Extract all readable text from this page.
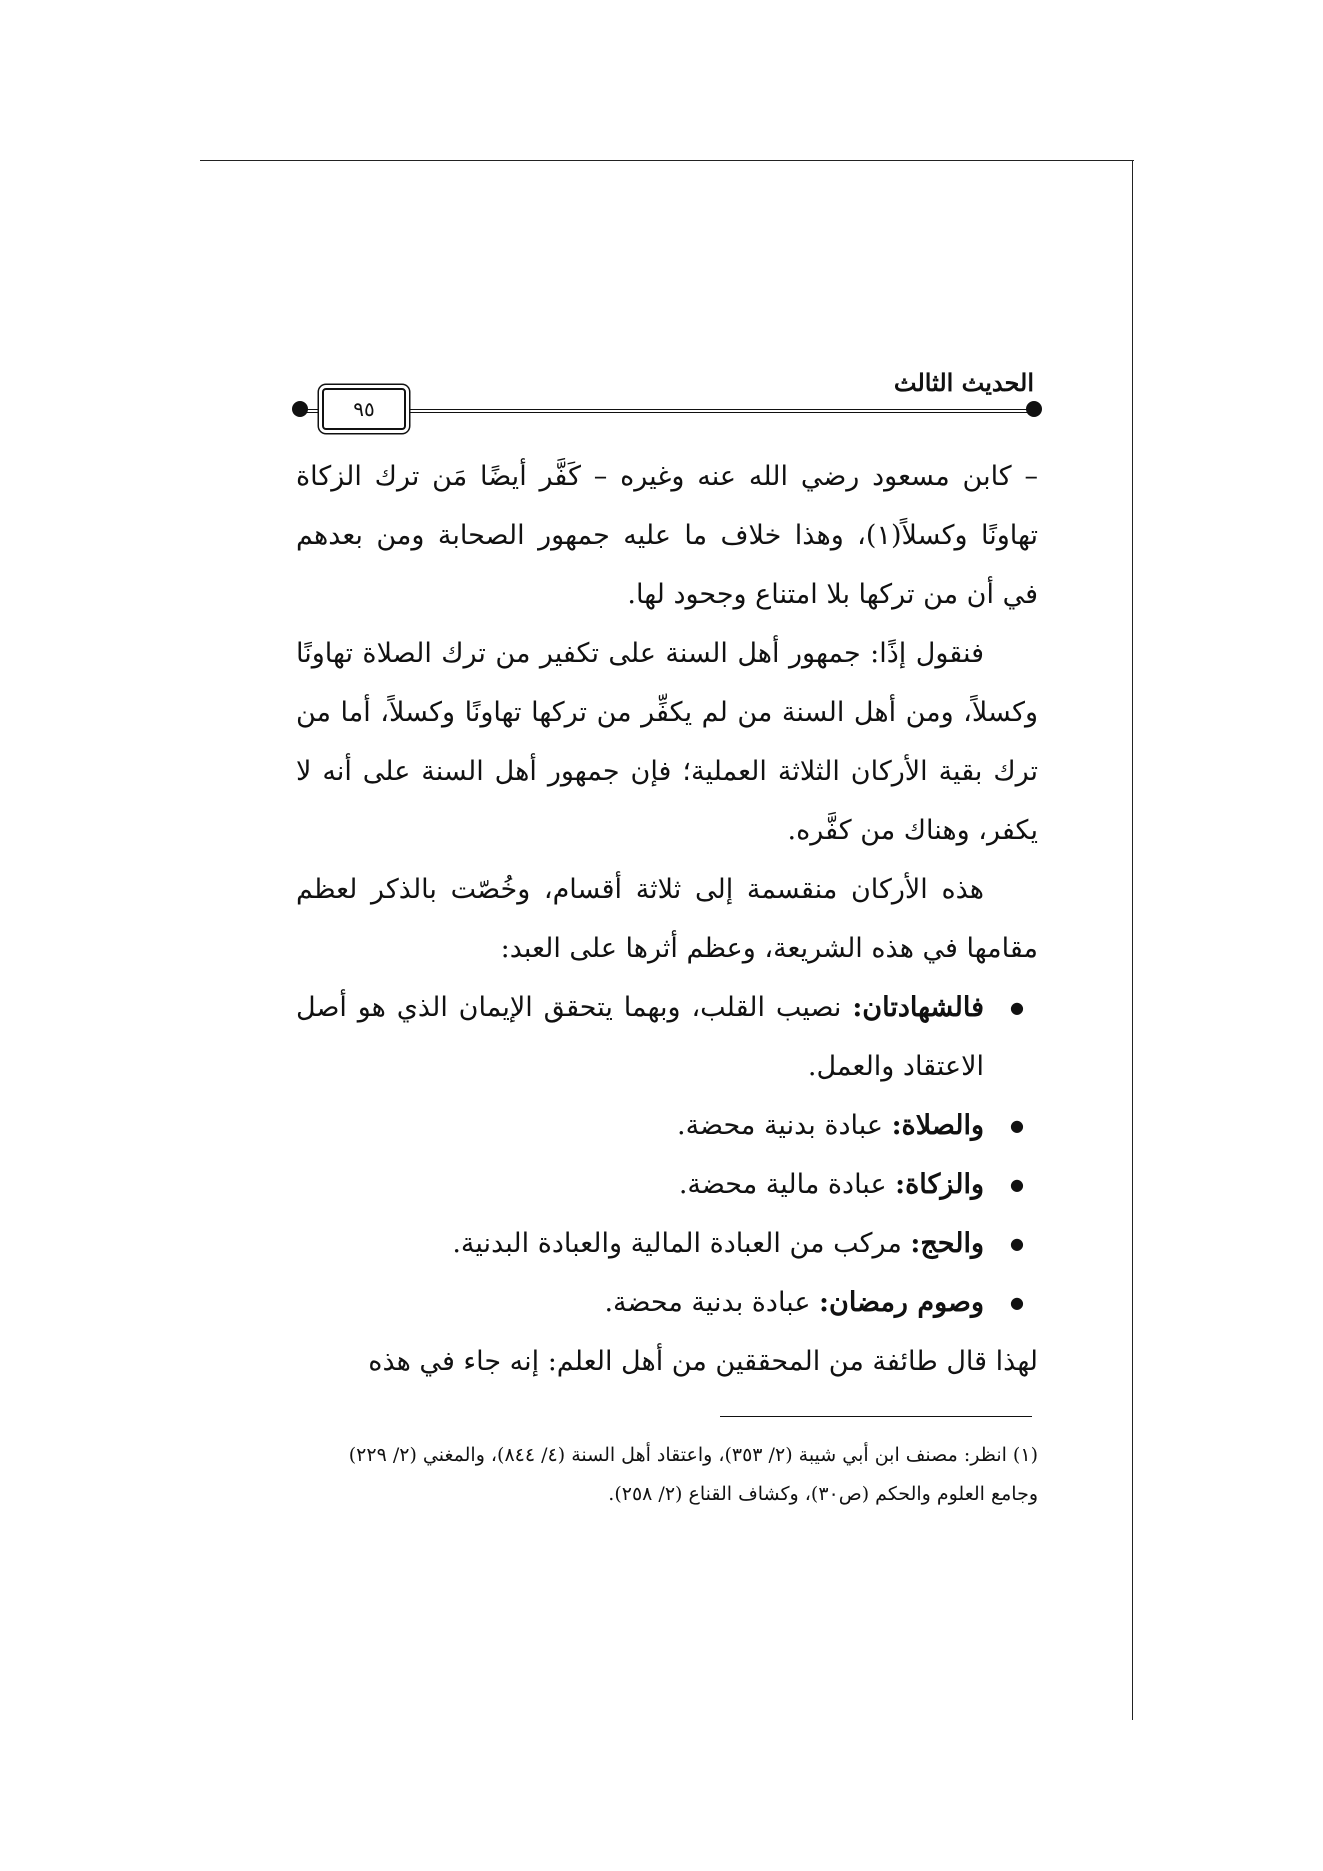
الحديث الثالث
٩٥

– كابن مسعود رضي الله عنه وغيره – كَفَّر أيضًا مَن ترك الزكاة تهاونًا وكسلاً(١)، وهذا خلاف ما عليه جمهور الصحابة ومن بعدهم في أن من تركها بلا امتناع وجحود لها.

فنقول إذًا: جمهور أهل السنة على تكفير من ترك الصلاة تهاونًا وكسلاً، ومن أهل السنة من لم يكفِّر من تركها تهاونًا وكسلاً، أما من ترك بقية الأركان الثلاثة العملية؛ فإن جمهور أهل السنة على أنه لا يكفر، وهناك من كفَّره.

هذه الأركان منقسمة إلى ثلاثة أقسام، وخُصّت بالذكر لعظم مقامها في هذه الشريعة، وعظم أثرها على العبد:

● فالشهادتان: نصيب القلب، وبهما يتحقق الإيمان الذي هو أصل الاعتقاد والعمل.
● والصلاة: عبادة بدنية محضة.
● والزكاة: عبادة مالية محضة.
● والحج: مركب من العبادة المالية والعبادة البدنية.
● وصوم رمضان: عبادة بدنية محضة.

لهذا قال طائفة من المحققين من أهل العلم: إنه جاء في هذه

(١) انظر: مصنف ابن أبي شيبة (٢/ ٣٥٣)، واعتقاد أهل السنة (٤/ ٨٤٤)، والمغني (٢/ ٢٢٩)

وجامع العلوم والحكم (ص٣٠)، وكشاف القناع (٢/ ٢٥٨).
